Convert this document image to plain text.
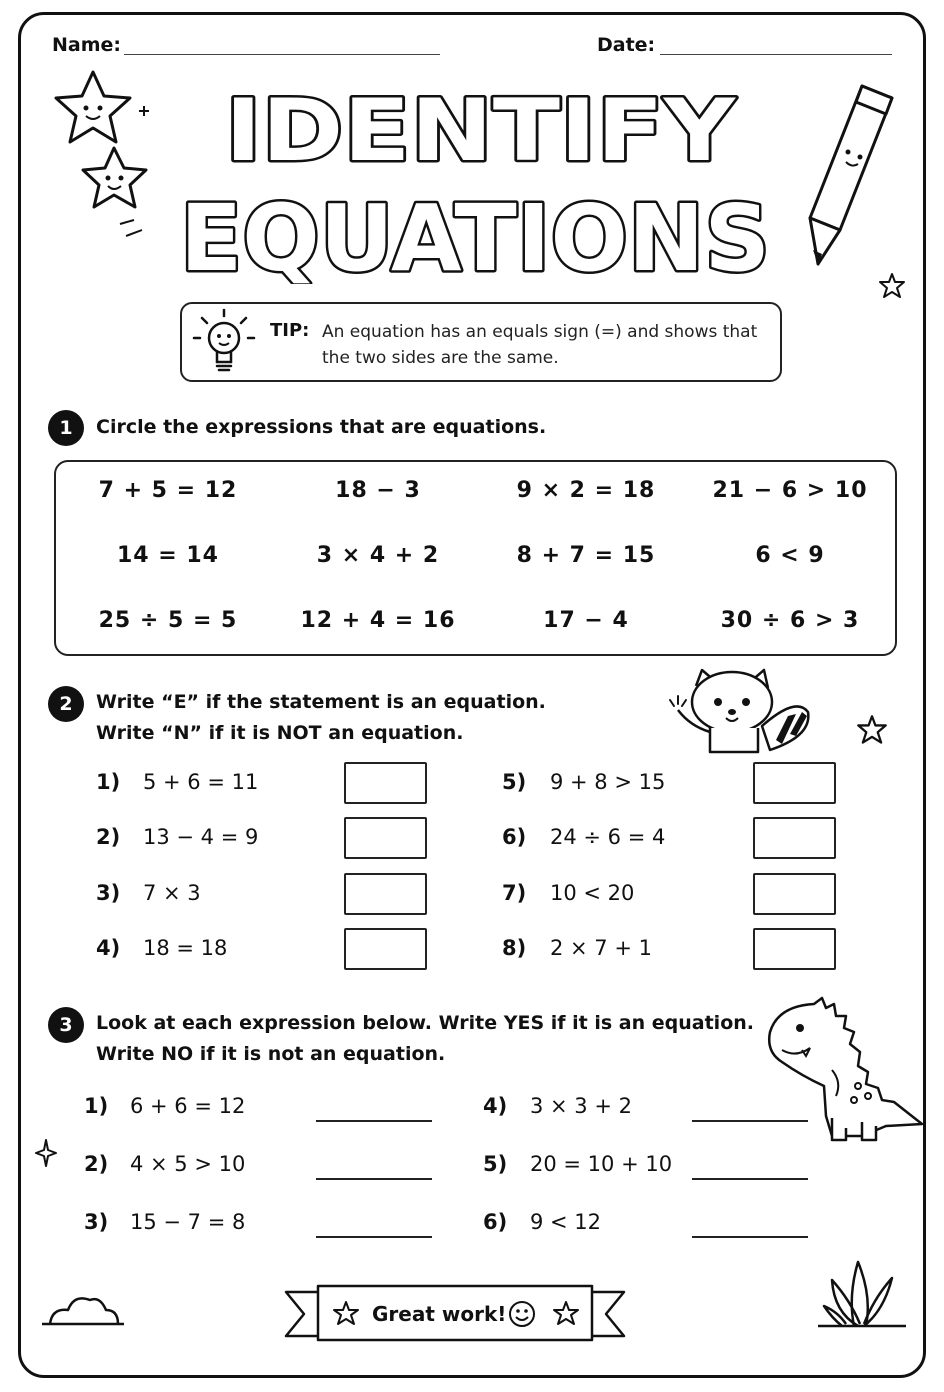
Name:	Date:
IDENTIFY
EQUATIONS
TIP: An equation has an equals sign (=) and shows that the two sides are the same.
1	Circle the expressions that are equations.
7 + 5 = 12	18 − 3	9 × 2 = 18	21 − 6 > 10
14 = 14	3 × 4 + 2	8 + 7 = 15	6 < 9
25 ÷ 5 = 5	12 + 4 = 16	17 − 4	30 ÷ 6 > 3
2	Write “E” if the statement is an equation.
Write “N” if it is NOT an equation.
1) 5 + 6 = 11
2) 13 − 4 = 9
3) 7 × 3
4) 18 = 18
5) 9 + 8 > 15
6) 24 ÷ 6 = 4
7) 10 < 20
8) 2 × 7 + 1
3	Look at each expression below. Write YES if it is an equation.
Write NO if it is not an equation.
1) 6 + 6 = 12
2) 4 × 5 > 10
3) 15 − 7 = 8
4) 3 × 3 + 2
5) 20 = 10 + 10
6) 9 < 12
Great work!
